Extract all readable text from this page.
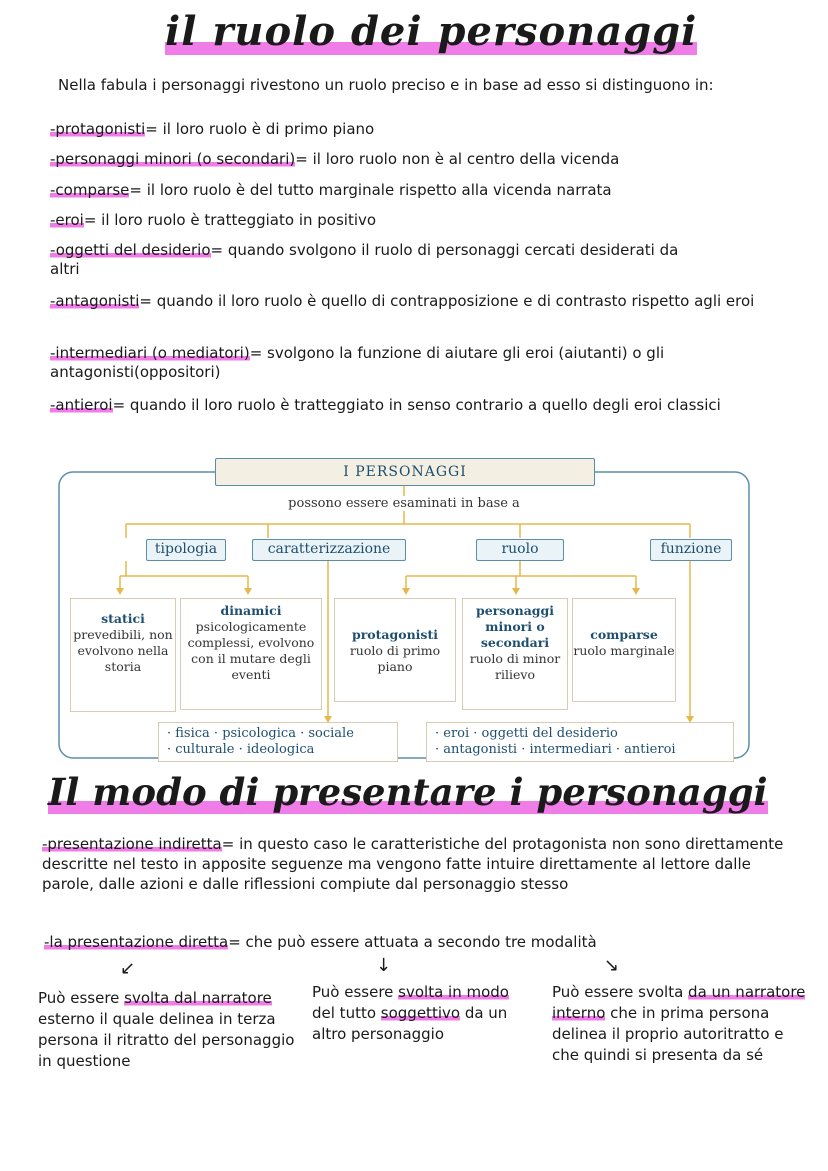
il ruolo dei personaggi
Nella fabula i personaggi rivestono un ruolo preciso e in base ad esso si distinguono in:
-protagonisti= il loro ruolo è di primo piano
-personaggi minori (o secondari)= il loro ruolo non è al centro della vicenda
-comparse= il loro ruolo è del tutto marginale rispetto alla vicenda narrata
-eroi= il loro ruolo è tratteggiato in positivo
-oggetti del desiderio= quando svolgono il ruolo di personaggi cercati desiderati da altri
-antagonisti= quando il loro ruolo è quello di contrapposizione e di contrasto rispetto agli eroi
-intermediari (o mediatori)= svolgono la funzione di aiutare gli eroi (aiutanti) o gli antagonisti(oppositori)
-antieroi= quando il loro ruolo è tratteggiato in senso contrario a quello degli eroi classici
I PERSONAGGI
possono essere esaminati in base a
tipologia	caratterizzazione	ruolo	funzione
statici
prevedibili, non evolvono nella storia
dinamici
psicologicamente complessi, evolvono con il mutare degli eventi
protagonisti
ruolo di primo piano
personaggi minori o secondari
ruolo di minor rilievo
comparse
ruolo marginale
· fisica · psicologica · sociale
· culturale · ideologica
· eroi · oggetti del desiderio
· antagonisti · intermediari · antieroi
Il modo di presentare i personaggi
-presentazione indiretta= in questo caso le caratteristiche del protagonista non sono direttamente descritte nel testo in apposite seguenze ma vengono fatte intuire direttamente al lettore dalle parole, dalle azioni e dalle riflessioni compiute dal personaggio stesso
-la presentazione diretta= che può essere attuata a secondo tre modalità
↙	↓	↘
Può essere svolta dal narratore esterno il quale delinea in terza persona il ritratto del personaggio in questione
Può essere svolta in modo del tutto soggettivo da un altro personaggio
Può essere svolta da un narratore interno che in prima persona delinea il proprio autoritratto e che quindi si presenta da sé
